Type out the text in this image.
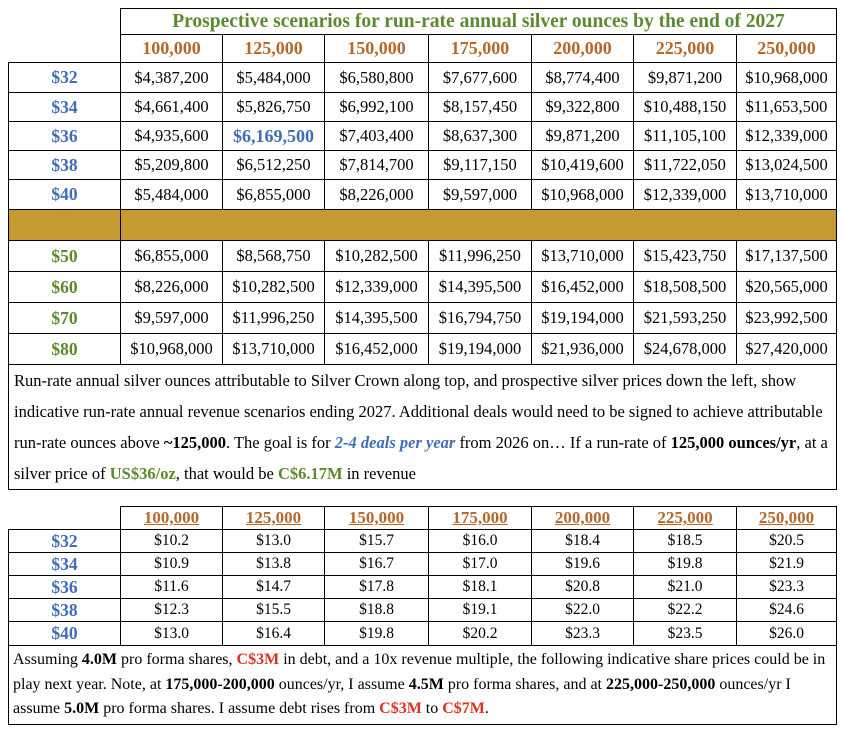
	Prospective scenarios for run-rate annual silver ounces by the end of 2027						
	100,000	125,000	150,000	175,000	200,000	225,000	250,000
$32	$4,387,200	$5,484,000	$6,580,800	$7,677,600	$8,774,400	$9,871,200	$10,968,000
$34	$4,661,400	$5,826,750	$6,992,100	$8,157,450	$9,322,800	$10,488,150	$11,653,500
$36	$4,935,600	$6,169,500	$7,403,400	$8,637,300	$9,871,200	$11,105,100	$12,339,000
$38	$5,209,800	$6,512,250	$7,814,700	$9,117,150	$10,419,600	$11,722,050	$13,024,500
$40	$5,484,000	$6,855,000	$8,226,000	$9,597,000	$10,968,000	$12,339,000	$13,710,000

$50	$6,855,000	$8,568,750	$10,282,500	$11,996,250	$13,710,000	$15,423,750	$17,137,500
$60	$8,226,000	$10,282,500	$12,339,000	$14,395,500	$16,452,000	$18,508,500	$20,565,000
$70	$9,597,000	$11,996,250	$14,395,500	$16,794,750	$19,194,000	$21,593,250	$23,992,500
$80	$10,968,000	$13,710,000	$16,452,000	$19,194,000	$21,936,000	$24,678,000	$27,420,000
Run-rate annual silver ounces attributable to Silver Crown along top, and prospective silver prices down the left, show indicative run-rate annual revenue scenarios ending 2027. Additional deals would need to be signed to achieve attributable run-rate ounces above ~125,000. The goal is for 2-4 deals per year from 2026 on… If a run-rate of 125,000 ounces/yr, at a silver price of US$36/oz, that would be C$6.17M in revenue							
	100,000	125,000	150,000	175,000	200,000	225,000	250,000
$32	$10.2	$13.0	$15.7	$16.0	$18.4	$18.5	$20.5
$34	$10.9	$13.8	$16.7	$17.0	$19.6	$19.8	$21.9
$36	$11.6	$14.7	$17.8	$18.1	$20.8	$21.0	$23.3
$38	$12.3	$15.5	$18.8	$19.1	$22.0	$22.2	$24.6
$40	$13.0	$16.4	$19.8	$20.2	$23.3	$23.5	$26.0
Assuming 4.0M pro forma shares, C$3M in debt, and a 10x revenue multiple, the following indicative share prices could be in play next year. Note, at 175,000-200,000 ounces/yr, I assume 4.5M pro forma shares, and at 225,000-250,000 ounces/yr I assume 5.0M pro forma shares. I assume debt rises from C$3M to C$7M.							
